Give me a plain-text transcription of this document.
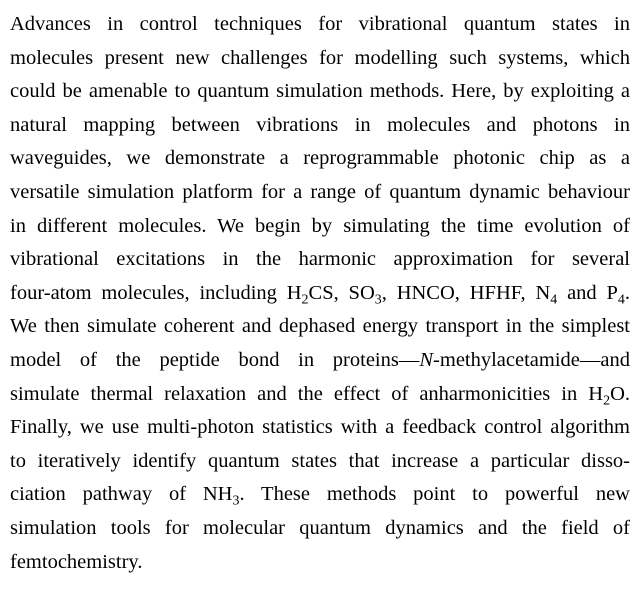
Advances in control techniques for vibrational quantum states in
molecules present new challenges for modelling such systems, which
could be amenable to quantum simulation methods. Here, by exploiting a
natural mapping between vibrations in molecules and photons in
waveguides, we demonstrate a reprogrammable photonic chip as a
versatile simulation platform for a range of quantum dynamic behaviour
in different molecules. We begin by simulating the time evolution of
vibrational excitations in the harmonic approximation for several
four-atom molecules, including $H_2CS$, $SO_3$, HNCO, HFHF, $N_4$ and $P_4$.
We then simulate coherent and dephased energy transport in the simplest
model of the peptide bond in proteins—N-methylacetamide—and
simulate thermal relaxation and the effect of anharmonicities in $H_2O$.
Finally, we use multi-photon statistics with a feedback control algorithm
to iteratively identify quantum states that increase a particular disso-
ciation pathway of $NH_3$. These methods point to powerful new
simulation tools for molecular quantum dynamics and the field of
femtochemistry.
